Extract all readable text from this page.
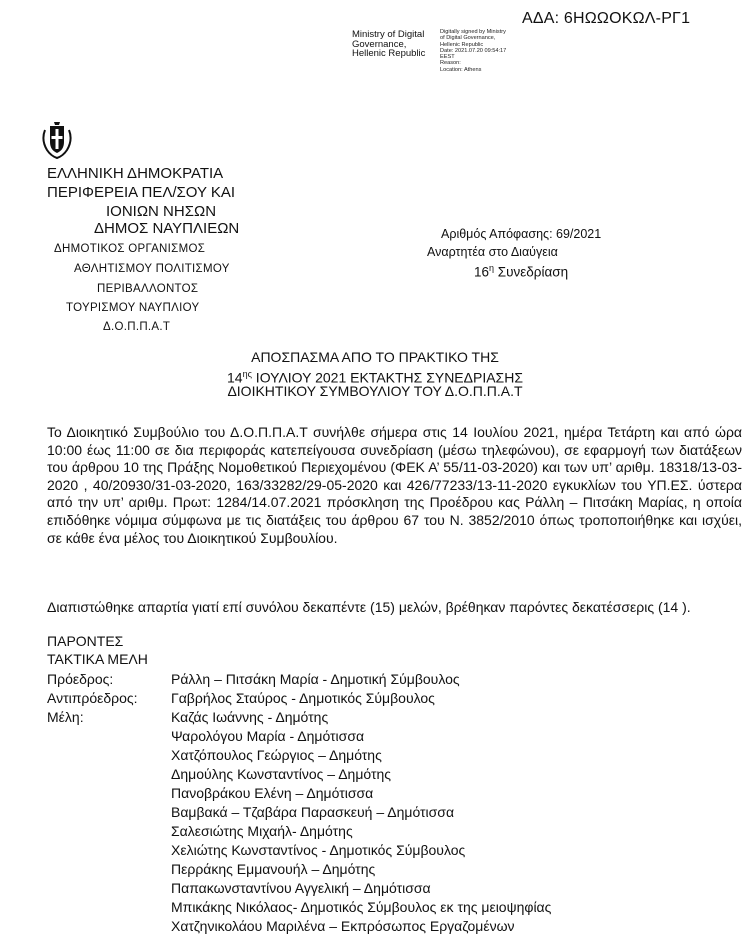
ΑΔΑ: 6ΗΩΩΟΚΩΛ-ΡΓ1
Ministry of Digital
Governance,
Hellenic Republic
Digitally signed by Ministry
of Digital Governance,
Hellenic Republic
Date: 2021.07.20 09:54:17
EEST
Reason:
Location: Athens
ΕΛΛΗΝΙΚΗ ΔΗΜΟΚΡΑΤΙΑ
ΠΕΡΙΦΕΡΕΙΑ ΠΕΛ/ΣΟΥ ΚΑΙ
ΙΟΝΙΩΝ ΝΗΣΩΝ
ΔΗΜΟΣ ΝΑΥΠΛΙΕΩΝ
ΔΗΜΟΤΙΚΟΣ ΟΡΓΑΝΙΣΜΟΣ
ΑΘΛΗΤΙΣΜΟΥ ΠΟΛΙΤΙΣΜΟΥ
ΠΕΡΙΒΑΛΛΟΝΤΟΣ
ΤΟΥΡΙΣΜΟΥ ΝΑΥΠΛΙΟΥ
Δ.Ο.Π.Π.Α.Τ
Αριθμός Απόφασης: 69/2021
Αναρτητέα στο Διαύγεια
$16^\eta$ Συνεδρίαση
ΑΠΟΣΠΑΣΜΑ ΑΠΟ ΤΟ ΠΡΑΚΤΙΚΟ ΤΗΣ
$14^{\eta\varsigma}$ ΙΟΥΛΙΟΥ 2021 ΕΚΤΑΚΤΗΣ ΣΥΝΕΔΡΙΑΣΗΣ
ΔΙΟΙΚΗΤΙΚΟΥ ΣΥΜΒΟΥΛΙΟΥ ΤΟΥ Δ.Ο.Π.Π.Α.Τ
Το Διοικητικό Συμβούλιο του Δ.Ο.Π.Π.Α.Τ συνήλθε σήμερα στις 14 Ιουλίου 2021, ημέρα Τετάρτη και από ώρα 10:00 έως 11:00 σε δια περιφοράς κατεπείγουσα συνεδρίαση (μέσω τηλεφώνου), σε εφαρμογή των διατάξεων του άρθρου 10 της Πράξης Νομοθετικού Περιεχομένου (ΦΕΚ Α’ 55/11-03-2020) και των υπ’ αριθμ. 18318/13-03-2020 , 40/20930/31-03-2020, 163/33282/29-05-2020 και 426/77233/13-11-2020 εγκυκλίων του ΥΠ.ΕΣ. ύστερα από την υπ’ αριθμ. Πρωτ: 1284/14.07.2021 πρόσκληση της Προέδρου κας Ράλλη – Πιτσάκη Μαρίας, η οποία επιδόθηκε νόμιμα σύμφωνα με τις διατάξεις του άρθρου 67 του Ν. 3852/2010 όπως τροποποιήθηκε και ισχύει, σε κάθε ένα μέλος του Διοικητικού Συμβουλίου.
Διαπιστώθηκε απαρτία γιατί επί συνόλου δεκαπέντε (15) μελών, βρέθηκαν παρόντες δεκατέσσερις (14 ).
ΠΑΡΟΝΤΕΣ
ΤΑΚΤΙΚΑ ΜΕΛΗ
Πρόεδρος:
Αντιπρόεδρος:
Μέλη:
Ράλλη – Πιτσάκη Μαρία - Δημοτική Σύμβουλος
Γαβρήλος Σταύρος - Δημοτικός Σύμβουλος
Καζάς Ιωάννης - Δημότης
Ψαρολόγου Μαρία - Δημότισσα
Χατζόπουλος Γεώργιος – Δημότης
Δημούλης Κωνσταντίνος – Δημότης
Πανοβράκου Ελένη – Δημότισσα
Βαμβακά – Τζαβάρα Παρασκευή – Δημότισσα
Σαλεσιώτης Μιχαήλ- Δημότης
Χελιώτης Κωνσταντίνος - Δημοτικός Σύμβουλος
Περράκης Εμμανουήλ – Δημότης
Παπακωνσταντίνου Αγγελική – Δημότισσα
Μπικάκης Νικόλαος- Δημοτικός Σύμβουλος εκ της μειοψηφίας
Χατζηνικολάου Μαριλένα – Εκπρόσωπος Εργαζομένων
